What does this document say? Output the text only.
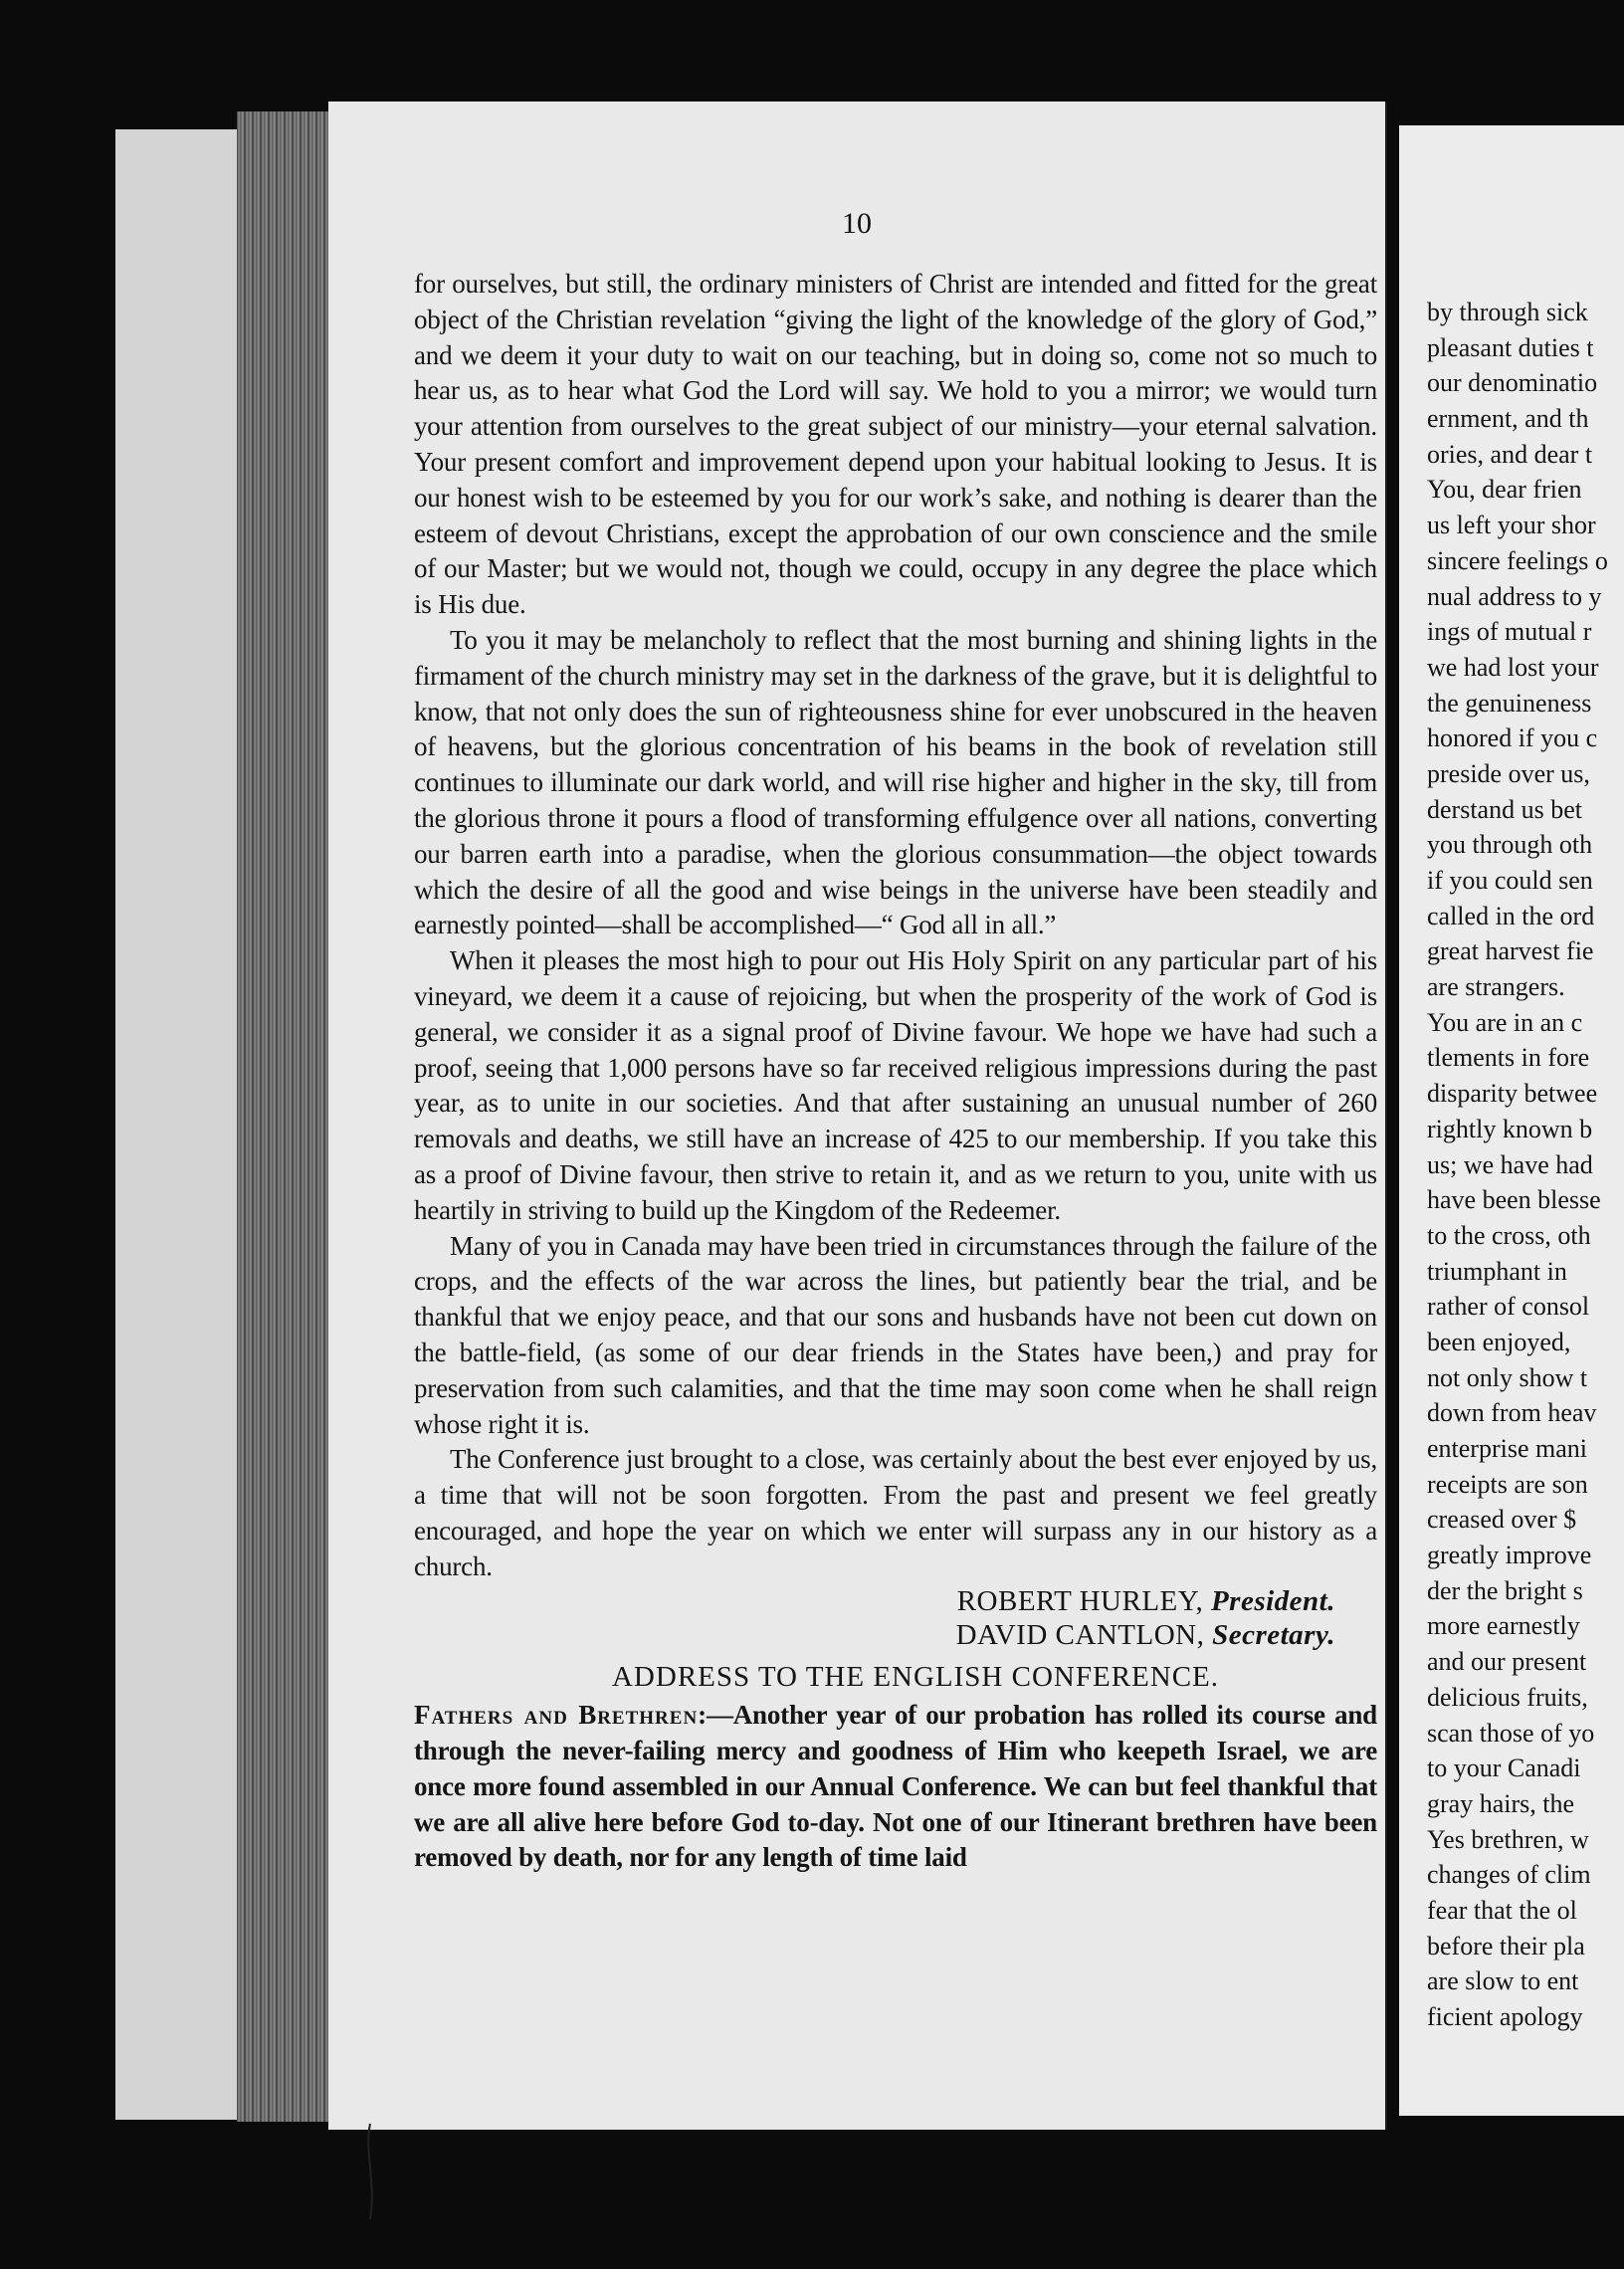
10

for ourselves, but still, the ordinary ministers of Christ are intended and fitted for the great object of the Christian revelation “giving the light of the knowledge of the glory of God,” and we deem it your duty to wait on our teaching, but in doing so, come not so much to hear us, as to hear what God the Lord will say. We hold to you a mirror; we would turn your attention from ourselves to the great subject of our ministry—your eternal salvation. Your present comfort and improvement depend upon your habitual looking to Jesus. It is our honest wish to be esteemed by you for our work’s sake, and nothing is dearer than the esteem of devout Christians, except the approbation of our own conscience and the smile of our Master; but we would not, though we could, occupy in any degree the place which is His due.

To you it may be melancholy to reflect that the most burning and shining lights in the firmament of the church ministry may set in the darkness of the grave, but it is delightful to know, that not only does the sun of righteousness shine for ever unobscured in the heaven of heavens, but the glorious concentration of his beams in the book of revelation still continues to illuminate our dark world, and will rise higher and higher in the sky, till from the glorious throne it pours a flood of transforming effulgence over all nations, converting our barren earth into a paradise, when the glorious consummation—the object towards which the desire of all the good and wise beings in the universe have been steadily and earnestly pointed—shall be accomplished—“ God all in all.”

When it pleases the most high to pour out His Holy Spirit on any particular part of his vineyard, we deem it a cause of rejoicing, but when the prosperity of the work of God is general, we consider it as a signal proof of Divine favour. We hope we have had such a proof, seeing that 1,000 persons have so far received religious impressions during the past year, as to unite in our societies. And that after sustaining an unusual number of 260 removals and deaths, we still have an increase of 425 to our membership. If you take this as a proof of Divine favour, then strive to retain it, and as we return to you, unite with us heartily in striving to build up the Kingdom of the Redeemer.

Many of you in Canada may have been tried in circumstances through the failure of the crops, and the effects of the war across the lines, but patiently bear the trial, and be thankful that we enjoy peace, and that our sons and husbands have not been cut down on the battle-field, (as some of our dear friends in the States have been,) and pray for preservation from such calamities, and that the time may soon come when he shall reign whose right it is.

The Conference just brought to a close, was certainly about the best ever enjoyed by us, a time that will not be soon forgotten. From the past and present we feel greatly encouraged, and hope the year on which we enter will surpass any in our history as a church.

ROBERT HURLEY, President.
DAVID CANTLON, Secretary.
ADDRESS TO THE ENGLISH CONFERENCE.

Fathers and Brethren:—Another year of our probation has rolled its course and through the never-failing mercy and goodness of Him who keepeth Israel, we are once more found assembled in our Annual Conference. We can but feel thankful that we are all alive here before God to-day. Not one of our Itinerant brethren have been removed by death, nor for any length of time laid

by through sick
pleasant duties t
our denominatio
ernment, and th
ories, and dear t
You, dear frien
us left your shor
sincere feelings o
nual address to y
ings of mutual r
we had lost your
the genuineness
honored if you c
preside over us,
derstand us bet
you through oth
if you could sen
called in the ord
great harvest fie
are strangers.
You are in an c
tlements in fore
disparity betwee
rightly known b
us; we have had
have been blesse
to the cross, oth
triumphant in
rather of consol
been enjoyed,
not only show t
down from heav
enterprise mani
receipts are son
creased over $
greatly improve
der the bright s
more earnestly
and our present
delicious fruits,
scan those of yo
to your Canadi
gray hairs, the
Yes brethren, w
changes of clim
fear that the ol
before their pla
are slow to ent
ficient apology
